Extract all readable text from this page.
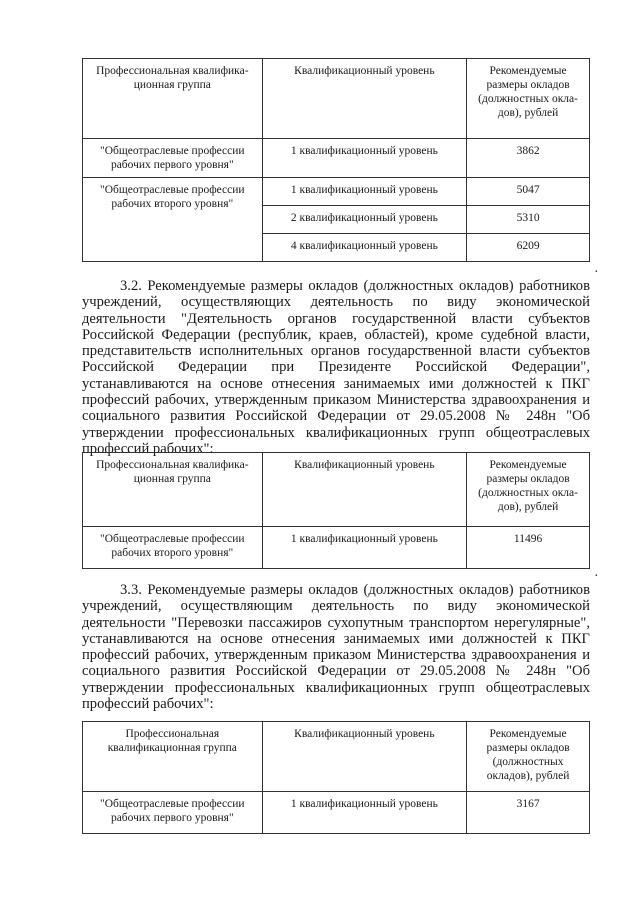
Профессиональная квалифика-ционная группа	Квалификационный уровень	Рекомендуемые размеры окладов (должностных окла-дов), рублей
"Общеотраслевые профессии рабочих первого уровня"	1 квалификационный уровень	3862
"Общеотраслевые профессии рабочих второго уровня"	1 квалификационный уровень	5047
	2 квалификационный уровень	5310
	4 квалификационный уровень	6209
·

3.2. Рекомендуемые размеры окладов (должностных окладов) работников учреждений, осуществляющих деятельность по виду экономической деятельности "Деятельность органов государственной власти субъектов Российской Федерации (республик, краев, областей), кроме судебной власти, представительств исполнительных органов государственной власти субъектов Российской Федерации при Президенте Российской Федерации", устанавливаются на основе отнесения занимаемых ими должностей к ПКГ профессий рабочих, утвержденным приказом Министерства здравоохранения и социального развития Российской Федерации от 29.05.2008 № 248н "Об утверждении профессиональных квалификационных групп общеотраслевых профессий рабочих":

Профессиональная квалифика-ционная группа	Квалификационный уровень	Рекомендуемые размеры окладов (должностных окла-дов), рублей
"Общеотраслевые профессии рабочих второго уровня"	1 квалификационный уровень	11496
·

3.3. Рекомендуемые размеры окладов (должностных окладов) работников учреждений, осуществляющим деятельность по виду экономической деятельности "Перевозки пассажиров сухопутным транспортом нерегулярные", устанавливаются на основе отнесения занимаемых ими должностей к ПКГ профессий рабочих, утвержденным приказом Министерства здравоохранения и социального развития Российской Федерации от 29.05.2008 № 248н "Об утверждении профессиональных квалификационных групп общеотраслевых профессий рабочих":

Профессиональная квалификационная группа	Квалификационный уровень	Рекомендуемые размеры окладов (должностных окладов), рублей
"Общеотраслевые профессии рабочих первого уровня"	1 квалификационный уровень	3167
